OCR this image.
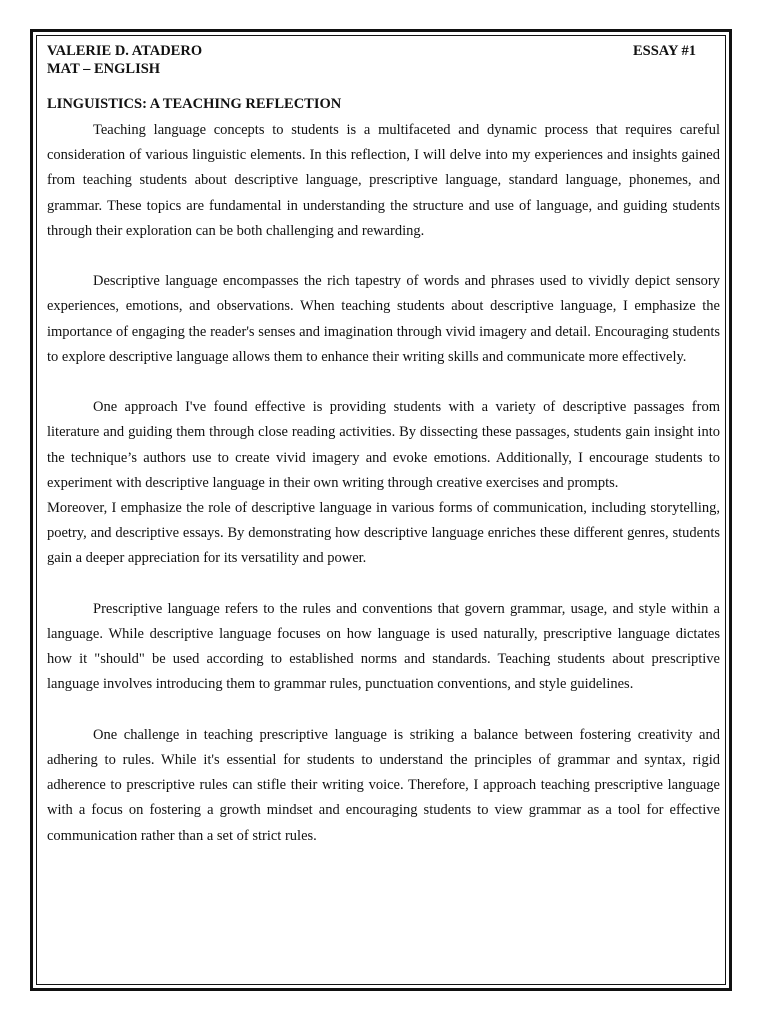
VALERIE D. ATADERO	ESSAY #1
MAT – ENGLISH
LINGUISTICS: A TEACHING REFLECTION

Teaching language concepts to students is a multifaceted and dynamic process that requires careful consideration of various linguistic elements. In this reflection, I will delve into my experiences and insights gained from teaching students about descriptive language, prescriptive language, standard language, phonemes, and grammar. These topics are fundamental in understanding the structure and use of language, and guiding students through their exploration can be both challenging and rewarding.

Descriptive language encompasses the rich tapestry of words and phrases used to vividly depict sensory experiences, emotions, and observations. When teaching students about descriptive language, I emphasize the importance of engaging the reader's senses and imagination through vivid imagery and detail. Encouraging students to explore descriptive language allows them to enhance their writing skills and communicate more effectively.

One approach I've found effective is providing students with a variety of descriptive passages from literature and guiding them through close reading activities. By dissecting these passages, students gain insight into the technique’s authors use to create vivid imagery and evoke emotions. Additionally, I encourage students to experiment with descriptive language in their own writing through creative exercises and prompts.

Moreover, I emphasize the role of descriptive language in various forms of communication, including storytelling, poetry, and descriptive essays. By demonstrating how descriptive language enriches these different genres, students gain a deeper appreciation for its versatility and power.

Prescriptive language refers to the rules and conventions that govern grammar, usage, and style within a language. While descriptive language focuses on how language is used naturally, prescriptive language dictates how it "should" be used according to established norms and standards. Teaching students about prescriptive language involves introducing them to grammar rules, punctuation conventions, and style guidelines.

One challenge in teaching prescriptive language is striking a balance between fostering creativity and adhering to rules. While it's essential for students to understand the principles of grammar and syntax, rigid adherence to prescriptive rules can stifle their writing voice. Therefore, I approach teaching prescriptive language with a focus on fostering a growth mindset and encouraging students to view grammar as a tool for effective communication rather than a set of strict rules.
